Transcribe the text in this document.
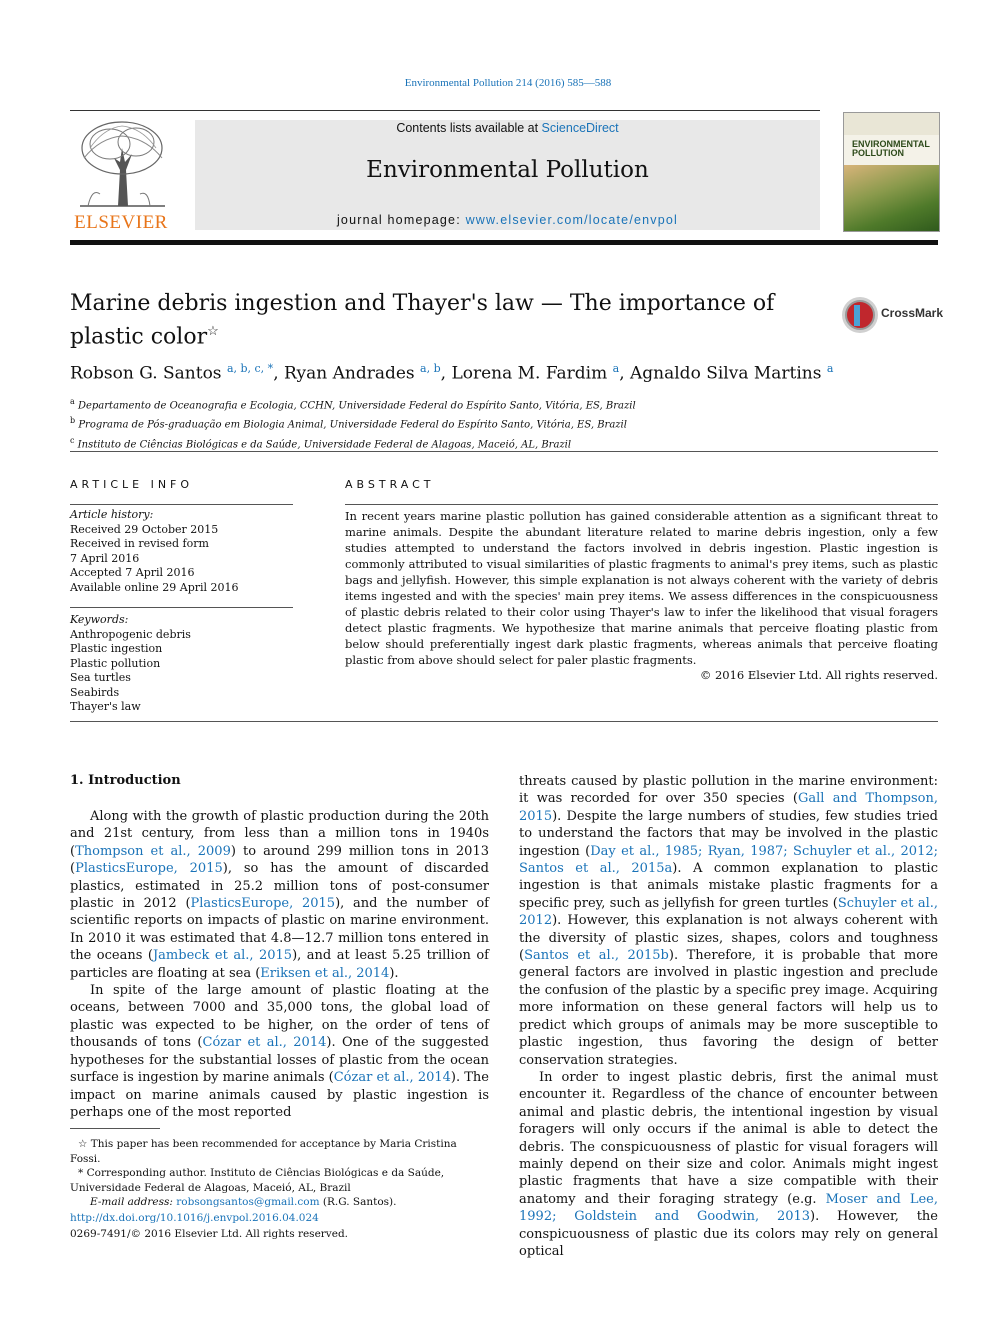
Environmental Pollution 214 (2016) 585—588
ELSEVIER
Contents lists available at ScienceDirect
Environmental Pollution
journal homepage: www.elsevier.com/locate/envpol
ENVIRONMENTAL POLLUTION
Marine debris ingestion and Thayer's law — The importance of plastic color☆
CrossMark
Robson G. Santos $^{a, b, c, *}$, Ryan Andrades $^{a, b}$, Lorena M. Fardim $^a$, Agnaldo Silva Martins $^a$
$^a$ Departamento de Oceanografia e Ecologia, CCHN, Universidade Federal do Espírito Santo, Vitória, ES, Brazil
$^b$ Programa de Pós-graduação em Biologia Animal, Universidade Federal do Espírito Santo, Vitória, ES, Brazil
$^c$ Instituto de Ciências Biológicas e da Saúde, Universidade Federal de Alagoas, Maceió, AL, Brazil
ARTICLE INFO
Article history:
Received 29 October 2015
Received in revised form
7 April 2016
Accepted 7 April 2016
Available online 29 April 2016
Keywords:
Anthropogenic debris
Plastic ingestion
Plastic pollution
Sea turtles
Seabirds
Thayer's law
ABSTRACT
In recent years marine plastic pollution has gained considerable attention as a significant threat to marine animals. Despite the abundant literature related to marine debris ingestion, only a few studies attempted to understand the factors involved in debris ingestion. Plastic ingestion is commonly attributed to visual similarities of plastic fragments to animal's prey items, such as plastic bags and jellyfish. However, this simple explanation is not always coherent with the variety of debris items ingested and with the species' main prey items. We assess differences in the conspicuousness of plastic debris related to their color using Thayer's law to infer the likelihood that visual foragers detect plastic fragments. We hypothesize that marine animals that perceive floating plastic from below should preferentially ingest dark plastic fragments, whereas animals that perceive floating plastic from above should select for paler plastic fragments.
© 2016 Elsevier Ltd. All rights reserved.
1. Introduction

Along with the growth of plastic production during the 20th and 21st century, from less than a million tons in 1940s (Thompson et al., 2009) to around 299 million tons in 2013 (PlasticsEurope, 2015), so has the amount of discarded plastics, estimated in 25.2 million tons of post-consumer plastic in 2012 (PlasticsEurope, 2015), and the number of scientific reports on impacts of plastic on marine environment. In 2010 it was estimated that 4.8—12.7 million tons entered in the oceans (Jambeck et al., 2015), and at least 5.25 trillion of particles are floating at sea (Eriksen et al., 2014).

In spite of the large amount of plastic floating at the oceans, between 7000 and 35,000 tons, the global load of plastic was expected to be higher, on the order of tens of thousands of tons (Cózar et al., 2014). One of the suggested hypotheses for the substantial losses of plastic from the ocean surface is ingestion by marine animals (Cózar et al., 2014). The impact on marine animals caused by plastic ingestion is perhaps one of the most reported

threats caused by plastic pollution in the marine environment: it was recorded for over 350 species (Gall and Thompson, 2015). Despite the large numbers of studies, few studies tried to understand the factors that may be involved in the plastic ingestion (Day et al., 1985; Ryan, 1987; Schuyler et al., 2012; Santos et al., 2015a). A common explanation to plastic ingestion is that animals mistake plastic fragments for a specific prey, such as jellyfish for green turtles (Schuyler et al., 2012). However, this explanation is not always coherent with the diversity of plastic sizes, shapes, colors and toughness (Santos et al., 2015b). Therefore, it is probable that more general factors are involved in plastic ingestion and preclude the confusion of the plastic by a specific prey image. Acquiring more information on these general factors will help us to predict which groups of animals may be more susceptible to plastic ingestion, thus favoring the design of better conservation strategies.

In order to ingest plastic debris, first the animal must encounter it. Regardless of the chance of encounter between animal and plastic debris, the intentional ingestion by visual foragers will only occurs if the animal is able to detect the debris. The conspicuousness of plastic for visual foragers will mainly depend on their size and color. Animals might ingest plastic fragments that have a size compatible with their anatomy and their foraging strategy (e.g. Moser and Lee, 1992; Goldstein and Goodwin, 2013). However, the conspicuousness of plastic due its colors may rely on general optical

☆ This paper has been recommended for acceptance by Maria Cristina Fossi.
* Corresponding author. Instituto de Ciências Biológicas e da Saúde, Universidade Federal de Alagoas, Maceió, AL, Brazil
E-mail address: robsongsantos@gmail.com (R.G. Santos).
http://dx.doi.org/10.1016/j.envpol.2016.04.024
0269-7491/© 2016 Elsevier Ltd. All rights reserved.
